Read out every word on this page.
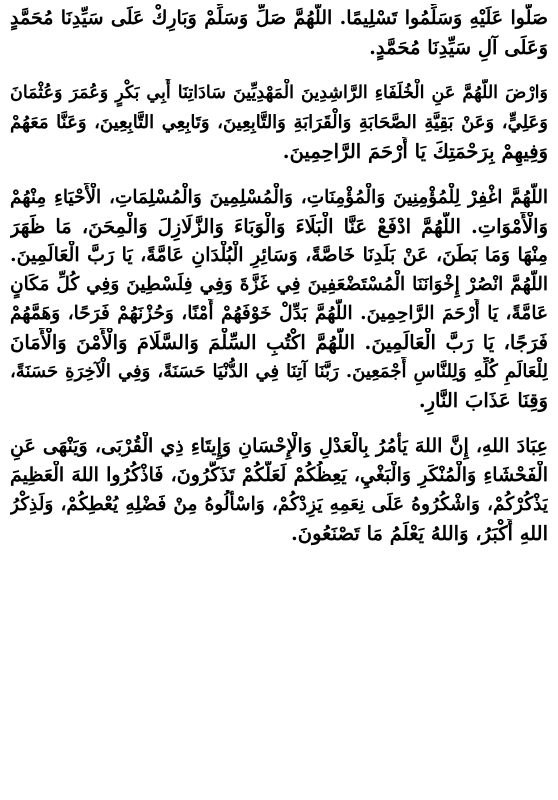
صَلُّوا عَلَيْهِ وَسَلِّمُوا تَسْلِيمًا. اللَّهُمَّ صَلِّ وَسَلِّمْ وَبَارِكْ عَلَى سَيِّدِنَا مُحَمَّدٍ
وَعَلَى آلِ سَيِّدِنَا مُحَمَّدٍ.
وَارْضَ اللَّهُمَّ عَنِ الْخُلَفَاءِ الرَّاشِدِينَ الْمَهْدِيِّينَ سَادَاتِنَا أَبِي بَكْرٍ وَعُمَرَ وَعُثْمَانَ
وَعَلِيٍّ، وَعَنْ بَقِيَّةِ الصَّحَابَةِ وَالْقَرَابَةِ وَالتَّابِعِينَ، وَتَابِعِي التَّابِعِينَ، وَعَنَّا مَعَهُمْ
وَفِيهِمْ بِرَحْمَتِكَ يَا أَرْحَمَ الرَّاحِمِينَ.
اللَّهُمَّ اغْفِرْ لِلْمُؤْمِنِينَ وَالْمُؤْمِنَاتِ، وَالْمُسْلِمِينَ وَالْمُسْلِمَاتِ، الْأَحْيَاءِ مِنْهُمْ
وَالْأَمْوَاتِ. اللَّهُمَّ ادْفَعْ عَنَّا الْبَلَاءَ وَالْوَبَاءَ وَالزَّلَازِلَ وَالْمِحَنَ، مَا ظَهَرَ
مِنْهَا وَمَا بَطَنَ، عَنْ بَلَدِنَا خَاصَّةً، وَسَائِرِ الْبُلْدَانِ عَامَّةً، يَا رَبَّ الْعَالَمِينَ.
اللَّهُمَّ انْصُرْ إِخْوَانَنَا الْمُسْتَضْعَفِينَ فِي غَزَّةَ وَفِي فِلَسْطِينَ وَفِي كُلِّ مَكَانٍ
عَامَّةً، يَا أَرْحَمَ الرَّاحِمِينَ. اللَّهُمَّ بَدِّلْ خَوْفَهُمْ أَمْنًا، وَحُزْنَهُمْ فَرَحًا، وَهَمَّهُمْ
فَرَجًا، يَا رَبَّ الْعَالَمِينَ. اللَّهُمَّ اكْتُبِ السِّلْمَ وَالسَّلَامَ وَالْأَمْنَ وَالْأَمَانَ
لِلْعَالَمِ كُلِّهِ وَلِلنَّاسِ أَجْمَعِينَ. رَبَّنَا آتِنَا فِي الدُّنْيَا حَسَنَةً، وَفِي الْآخِرَةِ حَسَنَةً،
وَقِنَا عَذَابَ النَّارِ.
عِبَادَ اللهِ، إِنَّ اللهَ يَأْمُرُ بِالْعَدْلِ وَالْإِحْسَانِ وَإِيتَاءِ ذِي الْقُرْبَى، وَيَنْهَى عَنِ
الْفَحْشَاءِ وَالْمُنْكَرِ وَالْبَغْيِ، يَعِظُكُمْ لَعَلَّكُمْ تَذَكَّرُونَ، فَاذْكُرُوا اللهَ الْعَظِيمَ
يَذْكُرْكُمْ، وَاشْكُرُوهُ عَلَى نِعَمِهِ يَزِدْكُمْ، وَاسْأَلُوهُ مِنْ فَضْلِهِ يُعْطِكُمْ، وَلَذِكْرُ
اللهِ أَكْبَرُ، وَاللهُ يَعْلَمُ مَا تَصْنَعُونَ.
